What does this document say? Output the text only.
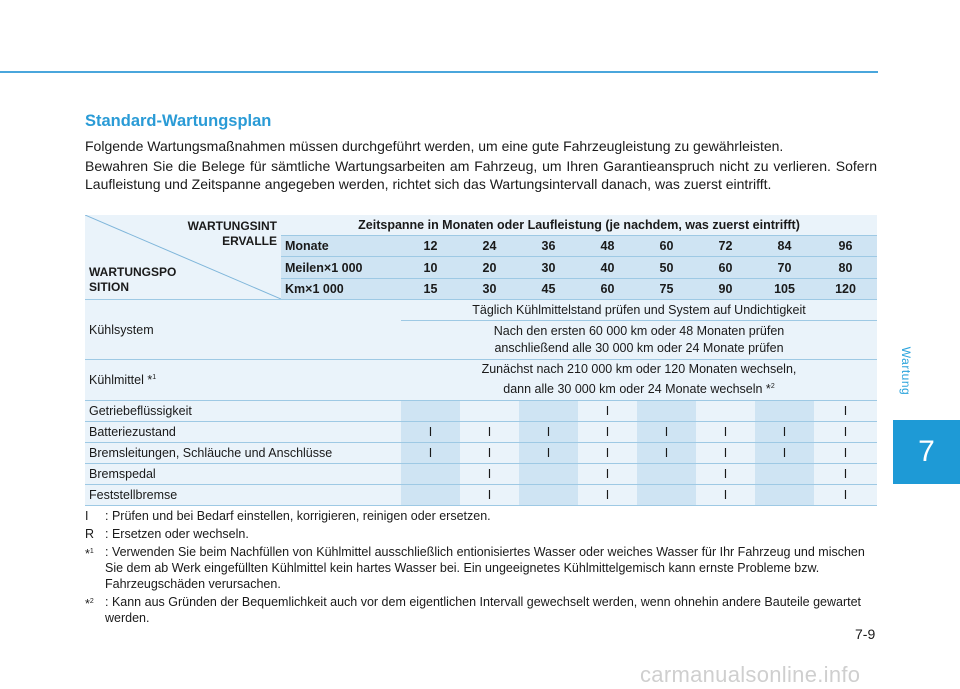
Wartung
7
Standard-Wartungsplan
Folgende Wartungsmaßnahmen müssen durchgeführt werden, um eine gute Fahrzeugleistung zu gewährleisten.
Bewahren Sie die Belege für sämtliche Wartungsarbeiten am Fahrzeug, um Ihren Garantieanspruch nicht zu verlieren. Sofern Laufleistung und Zeitspanne angegeben werden, richtet sich das Wartungsintervall danach, was zuerst eintrifft.
WARTUNGSINT
ERVALLE
WARTUNGSPO
SITION	Zeitspanne in Monaten oder Laufleistung (je nachdem, was zuerst eintrifft)								
	Monate	12	24	36	48	60	72	84	96
	Meilen×1 000	10	20	30	40	50	60	70	80
	Km×1 000	15	30	45	60	75	90	105	120
Kühlsystem		Täglich Kühlmittelstand prüfen und System auf Undichtigkeit							
		Nach den ersten 60 000 km oder 48 Monaten prüfen
anschließend alle 30 000 km oder 24 Monate prüfen							
Kühlmittel *$^1$		Zunächst nach 210 000 km oder 120 Monaten wechseln,
dann alle 30 000 km oder 24 Monate wechseln *$^2$
Getriebeflüssigkeit					I				I
Batteriezustand		I	I	I	I	I	I	I	I
Bremsleitungen, Schläuche und Anschlüsse		I	I	I	I	I	I	I	I
Bremspedal			I		I		I		I
Feststellbremse			I		I		I		I
I	: Prüfen und bei Bedarf einstellen, korrigieren, reinigen oder ersetzen.
R : Ersetzen oder wechseln.
*$^1$ : Verwenden Sie beim Nachfüllen von Kühlmittel ausschließlich entionisiertes Wasser oder weiches Wasser für Ihr Fahrzeug und mischen Sie dem ab Werk eingefüllten Kühlmittel kein hartes Wasser bei. Ein ungeeignetes Kühlmittelgemisch kann ernste Probleme bzw. Fahrzeugschäden verursachen.
*$^2$ : Kann aus Gründen der Bequemlichkeit auch vor dem eigentlichen Intervall gewechselt werden, wenn ohnehin andere Bauteile gewartet werden.
7-9
carmanualsonline.info
